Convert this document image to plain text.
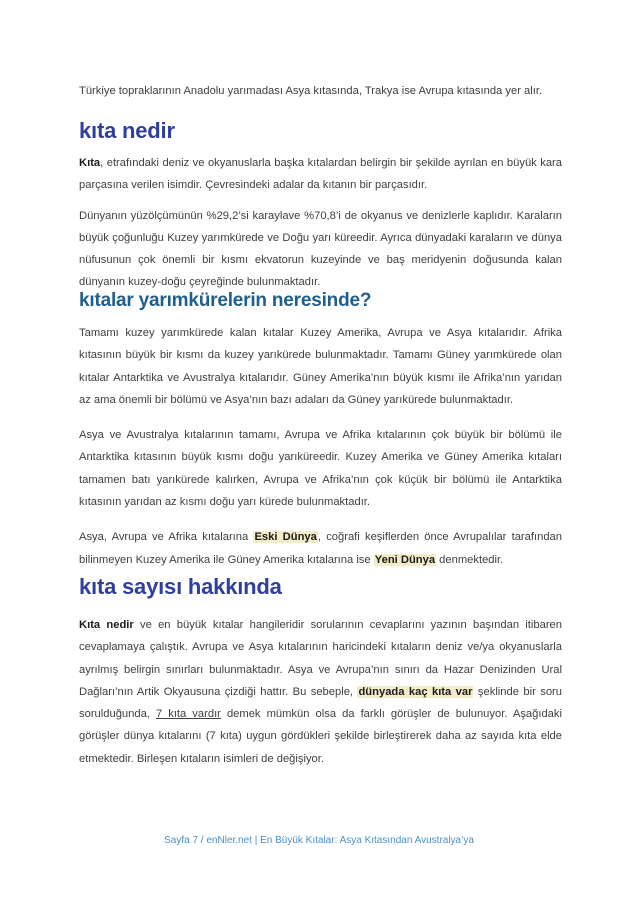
Türkiye topraklarının Anadolu yarımadası Asya kıtasında, Trakya ise Avrupa kıtasında yer alır.

kıta nedir

Kıta, etrafındaki deniz ve okyanuslarla başka kıtalardan belirgin bir şekilde ayrılan en büyük kara parçasına verilen isimdir. Çevresindeki adalar da kıtanın bir parçasıdır.

Dünyanın yüzölçümünün %29,2’si karaylave %70,8’i de okyanus ve denizlerle kaplıdır. Karaların büyük çoğunluğu Kuzey yarımkürede ve Doğu yarı küreedir. Ayrıca dünyadaki karaların ve dünya nüfusunun çok önemli bir kısmı ekvatorun kuzeyinde ve baş meridyenin doğusunda kalan dünyanın kuzey-doğu çeyreğinde bulunmaktadır.

kıtalar yarımkürelerin neresinde?

Tamamı kuzey yarımkürede kalan kıtalar Kuzey Amerika, Avrupa ve Asya kıtalarıdır. Afrika kıtasının büyük bir kısmı da kuzey yarıkürede bulunmaktadır. Tamamı Güney yarımkürede olan kıtalar Antarktika ve Avustralya kıtalarıdır. Güney Amerika’nın büyük kısmı ile Afrika’nın yarıdan az ama önemli bir bölümü ve Asya’nın bazı adaları da Güney yarıkürede bulunmaktadır.

Asya ve Avustralya kıtalarının tamamı, Avrupa ve Afrika kıtalarının çok büyük bir bölümü ile Antarktika kıtasının büyük kısmı doğu yarıküreedir. Kuzey Amerika ve Güney Amerika kıtaları tamamen batı yarıkürede kalırken, Avrupa ve Afrika’nın çok küçük bir bölümü ile Antarktika kıtasının yarıdan az kısmı doğu yarı kürede bulunmaktadır.

Asya, Avrupa ve Afrika kıtalarına Eski Dünya, coğrafi keşiflerden önce Avrupalılar tarafından bilinmeyen Kuzey Amerika ile Güney Amerika kıtalarına ise Yeni Dünya denmektedir.

kıta sayısı hakkında

Kıta nedir ve en büyük kıtalar hangileridir sorularının cevaplarını yazının başından itibaren cevaplamaya çalıştık. Avrupa ve Asya kıtalarının haricindeki kıtaların deniz ve/ya okyanuslarla ayrılmış belirgin sınırları bulunmaktadır. Asya ve Avrupa’nın sınırı da Hazar Denizinden Ural Dağları’nın Artik Okyausuna çizdiği hattır. Bu sebeple, dünyada kaç kıta var şeklinde bir soru sorulduğunda, 7 kıta vardır demek mümkün olsa da farklı görüşler de bulunuyor. Aşağıdaki görüşler dünya kıtalarını (7 kıta) uygun gördükleri şekilde birleştirerek daha az sayıda kıta elde etmektedir. Birleşen kıtaların isimleri de değişiyor.

Sayfa 7 / enNler.net | En Büyük Kıtalar: Asya Kıtasından Avustralya’ya
